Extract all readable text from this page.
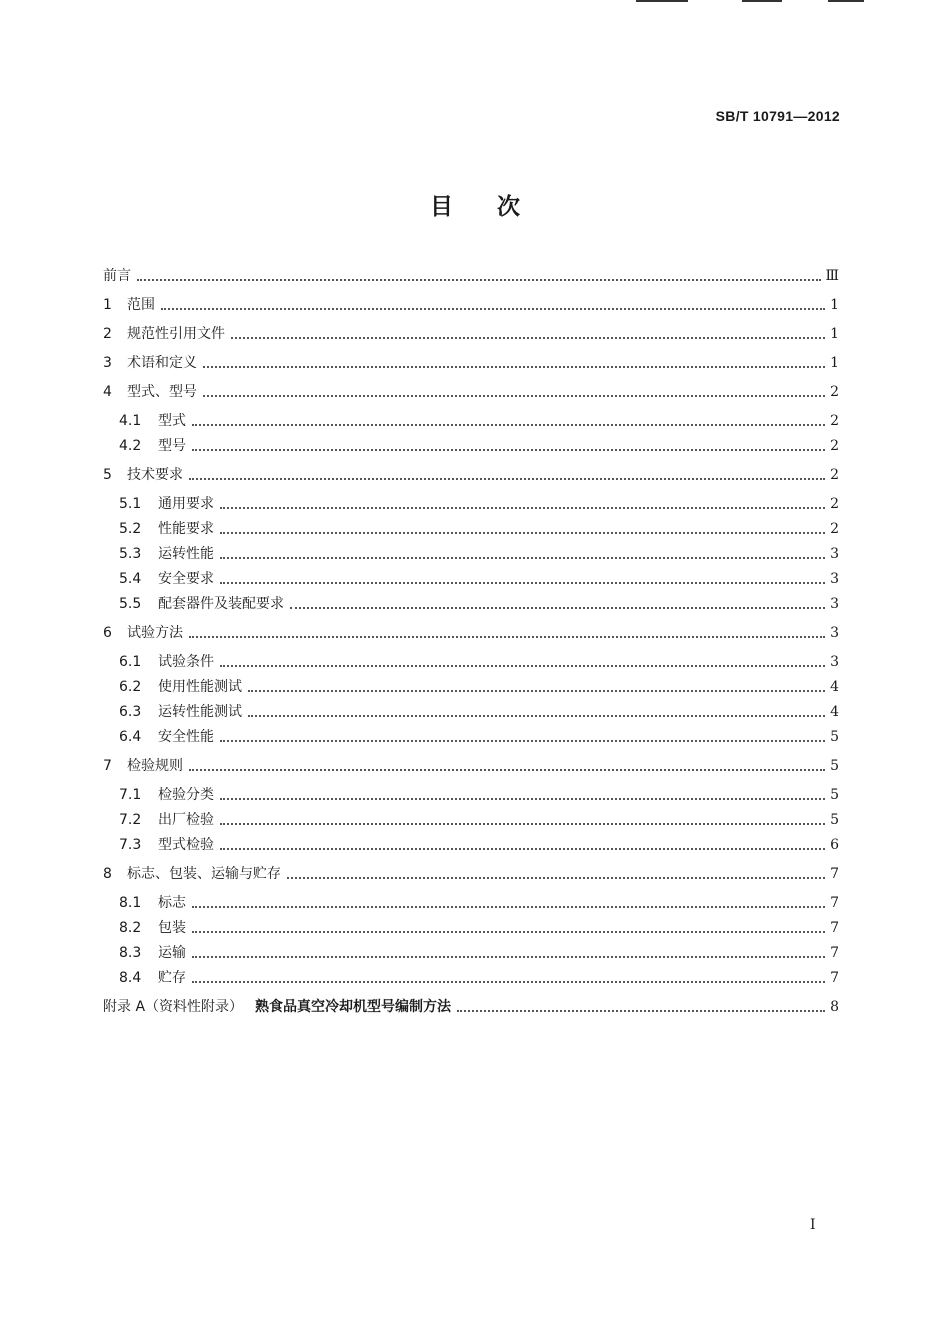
SB/T 10791—2012
目次
前言	Ⅲ
1	范围	1
2	规范性引用文件	1
3	术语和定义	1
4	型式、型号	2
4.1	型式	2
4.2	型号	2
5	技术要求	2
5.1	通用要求	2
5.2	性能要求	2
5.3	运转性能	3
5.4	安全要求	3
5.5	配套器件及装配要求	3
6	试验方法	3
6.1	试验条件	3
6.2	使用性能测试	4
6.3	运转性能测试	4
6.4	安全性能	5
7	检验规则	5
7.1	检验分类	5
7.2	出厂检验	5
7.3	型式检验	6
8	标志、包装、运输与贮存	7
8.1	标志	7
8.2	包装	7
8.3	运输	7
8.4	贮存	7
附录 A（资料性附录） 熟食品真空冷却机型号编制方法	8
I
